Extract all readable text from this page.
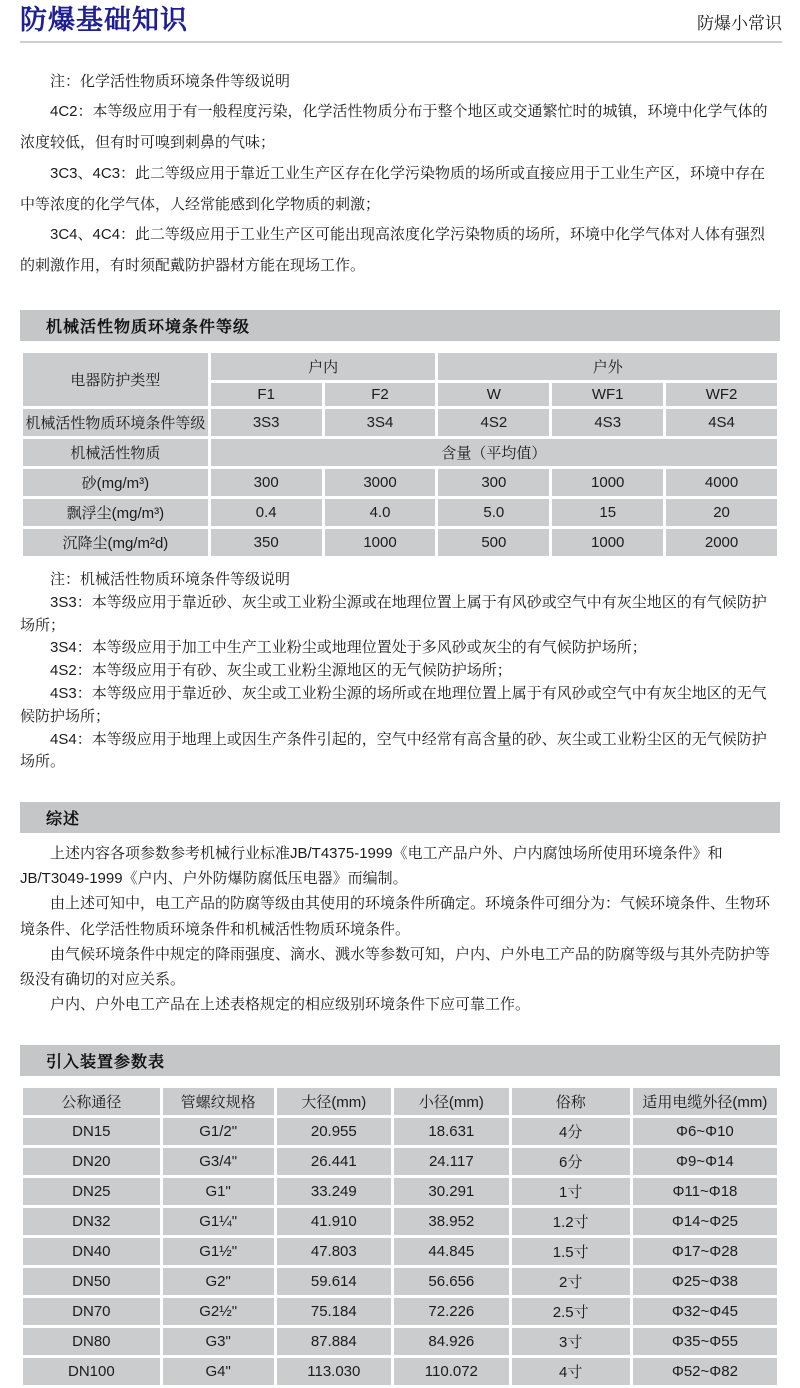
防爆基础知识	防爆小常识

注：化学活性物质环境条件等级说明

4C2：本等级应用于有一般程度污染，化学活性物质分布于整个地区或交通繁忙时的城镇，环境中化学气体的浓度较低，但有时可嗅到刺鼻的气味；

3C3、4C3：此二等级应用于靠近工业生产区存在化学污染物质的场所或直接应用于工业生产区，环境中存在中等浓度的化学气体，人经常能感到化学物质的刺激；

3C4、4C4：此二等级应用于工业生产区可能出现高浓度化学污染物质的场所，环境中化学气体对人体有强烈的刺激作用，有时须配戴防护器材方能在现场工作。

机械活性物质环境条件等级
电器防护类型	户内		户外		
	F1	F2	W	WF1	WF2
机械活性物质环境条件等级	3S3	3S4	4S2	4S3	4S4
机械活性物质	含量（平均值）				
砂(mg/m³)	300	3000	300	1000	4000
飘浮尘(mg/m³)	0.4	4.0	5.0	15	20
沉降尘(mg/m²d)	350	1000	500	1000	2000

注：机械活性物质环境条件等级说明

3S3：本等级应用于靠近砂、灰尘或工业粉尘源或在地理位置上属于有风砂或空气中有灰尘地区的有气候防护场所；

3S4：本等级应用于加工中生产工业粉尘或地理位置处于多风砂或灰尘的有气候防护场所；

4S2：本等级应用于有砂、灰尘或工业粉尘源地区的无气候防护场所；

4S3：本等级应用于靠近砂、灰尘或工业粉尘源的场所或在地理位置上属于有风砂或空气中有灰尘地区的无气候防护场所；

4S4：本等级应用于地理上或因生产条件引起的，空气中经常有高含量的砂、灰尘或工业粉尘区的无气候防护场所。

综述

上述内容各项参数参考机械行业标准JB/T4375-1999《电工产品户外、户内腐蚀场所使用环境条件》和JB/T3049-1999《户内、户外防爆防腐低压电器》而编制。

由上述可知中，电工产品的防腐等级由其使用的环境条件所确定。环境条件可细分为：气候环境条件、生物环境条件、化学活性物质环境条件和机械活性物质环境条件。

由气候环境条件中规定的降雨强度、滴水、溅水等参数可知，户内、户外电工产品的防腐等级与其外壳防护等级没有确切的对应关系。

户内、户外电工产品在上述表格规定的相应级别环境条件下应可靠工作。

引入装置参数表
公称通径	管螺纹规格	大径(mm)	小径(mm)	俗称	适用电缆外径(mm)
DN15	G1/2"	20.955	18.631	4分	Φ6~Φ10
DN20	G3/4"	26.441	24.117	6分	Φ9~Φ14
DN25	G1"	33.249	30.291	1寸	Φ11~Φ18
DN32	G1¼"	41.910	38.952	1.2寸	Φ14~Φ25
DN40	G1½"	47.803	44.845	1.5寸	Φ17~Φ28
DN50	G2"	59.614	56.656	2寸	Φ25~Φ38
DN70	G2½"	75.184	72.226	2.5寸	Φ32~Φ45
DN80	G3"	87.884	84.926	3寸	Φ35~Φ55
DN100	G4"	113.030	110.072	4寸	Φ52~Φ82
